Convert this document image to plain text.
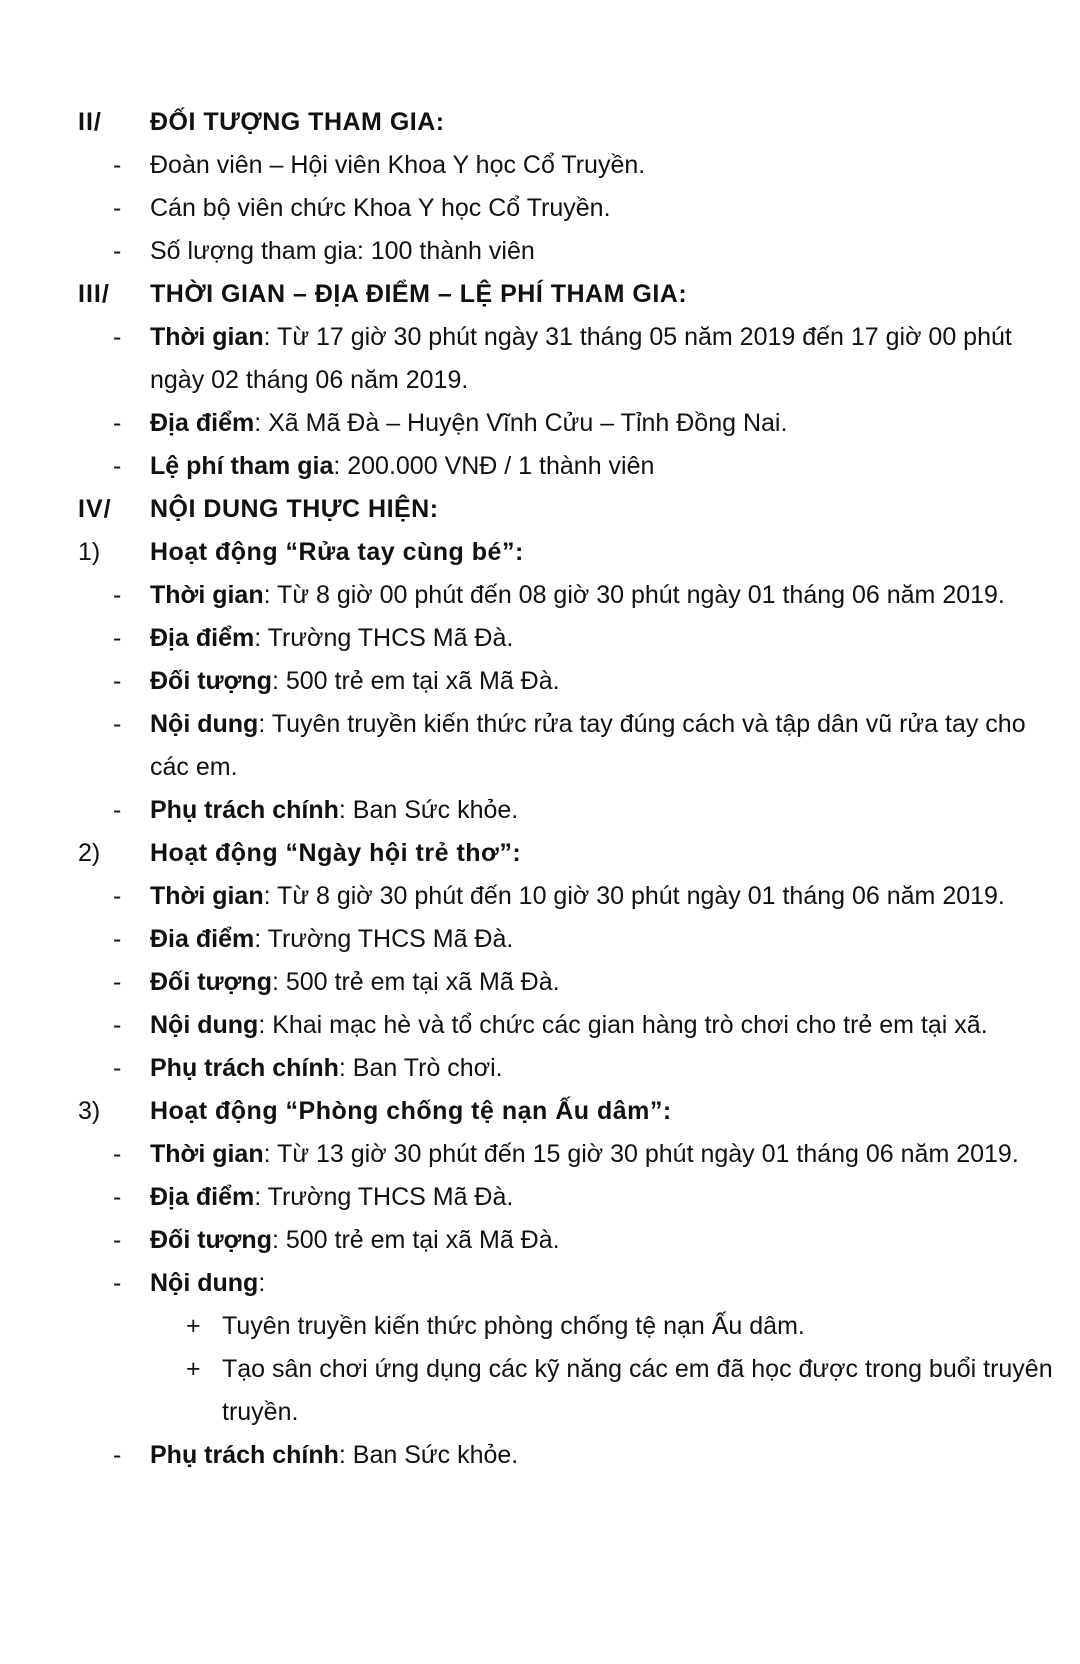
II/ ĐỐI TƯỢNG THAM GIA:
- Đoàn viên – Hội viên Khoa Y học Cổ Truyền.
- Cán bộ viên chức Khoa Y học Cổ Truyền.
- Số lượng tham gia: 100 thành viên
III/ THỜI GIAN – ĐỊA ĐIỂM – LỆ PHÍ THAM GIA:
- Thời gian: Từ 17 giờ 30 phút ngày 31 tháng 05 năm 2019 đến 17 giờ 00 phút
ngày 02 tháng 06 năm 2019.
- Địa điểm: Xã Mã Đà – Huyện Vĩnh Cửu – Tỉnh Đồng Nai.
- Lệ phí tham gia: 200.000 VNĐ / 1 thành viên
IV/ NỘI DUNG THỰC HIỆN:
1) Hoạt động “Rửa tay cùng bé”:
- Thời gian: Từ 8 giờ 00 phút đến 08 giờ 30 phút ngày 01 tháng 06 năm 2019.
- Địa điểm: Trường THCS Mã Đà.
- Đối tượng: 500 trẻ em tại xã Mã Đà.
- Nội dung: Tuyên truyền kiến thức rửa tay đúng cách và tập dân vũ rửa tay cho
các em.
- Phụ trách chính: Ban Sức khỏe.
2) Hoạt động “Ngày hội trẻ thơ”:
- Thời gian: Từ 8 giờ 30 phút đến 10 giờ 30 phút ngày 01 tháng 06 năm 2019.
- Đia điểm: Trường THCS Mã Đà.
- Đối tượng: 500 trẻ em tại xã Mã Đà.
- Nội dung: Khai mạc hè và tổ chức các gian hàng trò chơi cho trẻ em tại xã.
- Phụ trách chính: Ban Trò chơi.
3) Hoạt động “Phòng chống tệ nạn Ấu dâm”:
- Thời gian: Từ 13 giờ 30 phút đến 15 giờ 30 phút ngày 01 tháng 06 năm 2019.
- Địa điểm: Trường THCS Mã Đà.
- Đối tượng: 500 trẻ em tại xã Mã Đà.
- Nội dung:
+ Tuyên truyền kiến thức phòng chống tệ nạn Ấu dâm.
+ Tạo sân chơi ứng dụng các kỹ năng các em đã học được trong buổi truyên
truyền.
- Phụ trách chính: Ban Sức khỏe.
